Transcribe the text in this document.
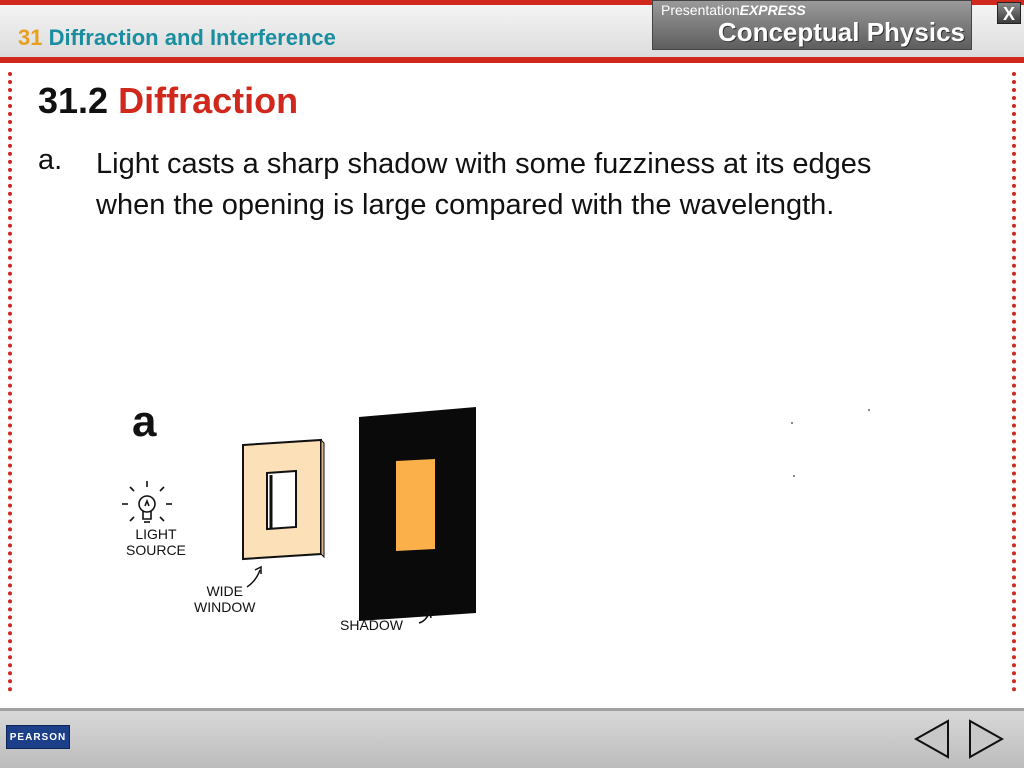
31 Diffraction and Interference
PresentationEXPRESS
Conceptual Physics
X
31.2 Diffraction
a. Light casts a sharp shadow with some fuzziness at its edges when the opening is large compared with the wavelength.
a
LIGHT
SOURCE
WIDE
WINDOW
SHADOW
PEARSON
